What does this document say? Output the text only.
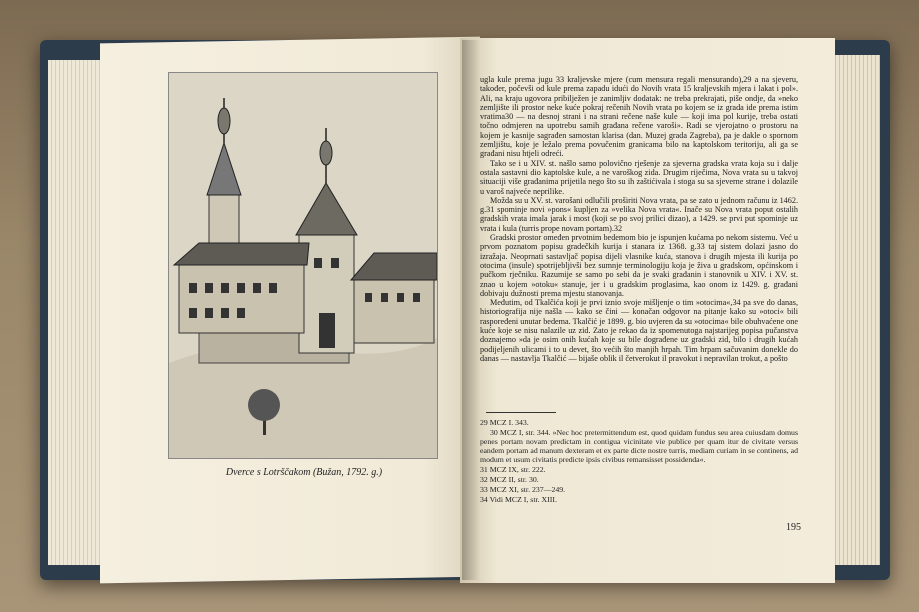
Dverce s Lotrščakom (Bužan, 1792. g.)

ugla kule prema jugu 33 kraljevske mjere (cum mensura regali mensurando),29 a na sjeveru, također, počevši od kule prema zapadu idući do Novih vrata 15 kraljevskih mjera i lakat i pol». Ali, na kraju ugovora pribilježen je zanimljiv dodatak: ne treba prekrajati, piše ondje, da »neko zemljište ili prostor neke kuće pokraj rečenih Novih vrata po kojem se iz grada ide prema istim vratima30 — na desnoj strani i na strani rečene naše kule — koji ima pol kurije, treba ostati točno odmjeren na upotrebu samih građana rečene varoši». Radi se vjerojatno o prostoru na kojem je kasnije sagrađen samostan klarisa (dan. Muzej grada Zagreba), pa je dakle o spornom zemljištu, koje je ležalo prema povučenim granicama bilo na kaptolskom teritoriju, ali ga se građani nisu htjeli odreći.

Tako se i u XIV. st. našlo samo polovično rješenje za sjeverna gradska vrata koja su i dalje ostala sastavni dio kaptolske kule, a ne varoškog zida. Drugim riječima, Nova vrata su u takvoj situaciji više građanima prijetila nego što su ih zaštićivala i stoga su sa sjeverne strane i dolazile u varoš najveće neprilike.

Možda su u XV. st. varošani odlučili proširiti Nova vrata, pa se zato u jednom računu iz 1462. g.31 spominje novi »pons« kupljen za »velika Nova vrata«. Inače su Nova vrata poput ostalih gradskih vrata imala jarak i most (koji se po svoj prilici dizao), a 1429. se prvi put spominje uz vrata i kula (turris prope novam portam).32

Gradski prostor omeđen prvotnim bedemom bio je ispunjen kućama po nekom sistemu. Već u prvom poznatom popisu gradečkih kurija i stanara iz 1368. g.33 taj sistem dolazi jasno do izražaja. Neoprnati sastavljač popisa dijeli vlasnike kuća, stanova i drugih mjesta ili kurija po otocima (insule) spotrijebljivši bez sumnje terminologiju koja je živa u gradskom, općinskom i pučkom rječniku. Razumije se samo po sebi da je svaki građanin i stanovnik u XIV. i XV. st. znao u kojem »otoku« stanuje, jer i u gradskim proglasima, kao onom iz 1429. g. građani dobivaju dužnosti prema mjestu stanovanja.

Međutim, od Tkalčića koji je prvi iznio svoje mišljenje o tim »otocima«,34 pa sve do danas, historiografija nije našla — kako se čini — konačan odgovor na pitanje kako su »otoci« bili raspoređeni unutar bedema. Tkalčić je 1899. g. bio uvjeren da su »otocima« bile obuhvaćene one kuće koje se nisu nalazile uz zid. Zato je rekao da iz spomenutoga najstarijeg popisa pučanstva doznajemo »da je osim onih kućah koje su bile dograđene uz gradski zid, bilo i drugih kućah podijeljenih ulicami i to u devet, što većih što manjih hrpah. Tim hrpam sačuvanim donekle do danas — nastavlja Tkalčić — bijaše oblik il četverokut il pravokut i nepravilan trokut, a pošto

29 MCZ I. 343.
30 MCZ I, str. 344. »Nec hoc pretermittendum est, quod quidam fundus seu area cuiusdam domus penes portam novam predictam in contigua vicinitate vie publice per quam itur de civitate versus eandem portam ad manum dexteram et ex parte dicte nostre turris, mediam curiam in se continens, ad modum et usum civitatis predicte ipsis civibus remansisset possidenda«.
31 MCZ IX, str. 222.
32 MCZ II, str. 30.
33 MCZ XI, str. 237—249.
34 Vidi MCZ I, str. XIII.
195
